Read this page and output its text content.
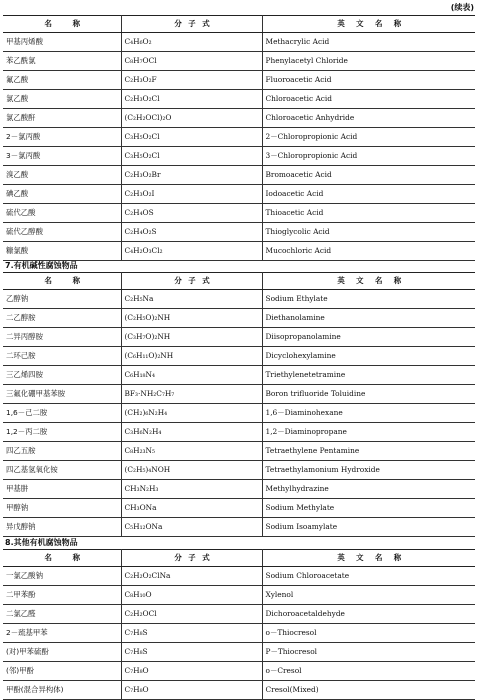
(续表)
名　　称	分 子 式	英　文　名　称
甲基丙烯酸	C₄H₆O₂	Methacrylic Acid
苯乙酰氯	C₈H₇OCl	Phenylacetyl Chloride
氟乙酸	C₂H₃O₂F	Fluoroacetic Acid
氯乙酸	C₂H₃O₂Cl	Chloroacetic Acid
氯乙酸酐	(C₂H₂OCl)₂O	Chloroacetic Anhydride
2－氯丙酸	C₃H₅O₂Cl	2－Chloropropionic Acid
3－氯丙酸	C₃H₅O₂Cl	3－Chloropropionic Acid
溴乙酸	C₂H₃O₂Br	Bromoacetic Acid
碘乙酸	C₂H₃O₂I	Iodoacetic Acid
硫代乙酸	C₂H₄OS	Thioacetic Acid
硫代乙醇酸	C₂H₄O₂S	Thioglycolic Acid
糠氯酸	C₄H₂O₃Cl₂	Mucochloric Acid
7.有机碱性腐蚀物品
名　　称	分 子 式	英　文　名　称
乙醇钠	C₂H₅Na	Sodium Ethylate
二乙醇胺	(C₂H₅O)₂NH	Diethanolamine
二异丙醇胺	(C₃H₇O)₂NH	Diisopropanolamine
二环己胺	(C₆H₁₁O)₂NH	Dicyclohexylamine
三乙烯四胺	C₆H₁₈N₄	Triethylenetetramine
三氟化硼甲基苯胺	BF₃·NH₂C₇H₇	Boron trifluoride Toluidine
1,6－己二胺	(CH₂)₆N₂H₄	1,6－Diaminohexane
1,2－丙二胺	C₃H₆N₂H₄	1,2－Diaminopropane
四乙五胺	C₈H₂₃N₅	Tetraethylene Pentamine
四乙基氢氧化铵	(C₂H₅)₄NOH	Tetraethylamonium Hydroxide
甲基肼	CH₃N₂H₃	Methylhydrazine
甲醇钠	CH₃ONa	Sodium Methylate
异戊醇钠	C₅H₁₂ONa	Sodium Isoamylate
8.其他有机腐蚀物品
名　　称	分 子 式	英　文　名　称
一氯乙酸钠	C₂H₂O₂ClNa	Sodium Chloroacetate
二甲苯酚	C₈H₁₀O	Xylenol
二氯乙醛	C₂H₂OCl	Dichoroacetaldehyde
2－巯基甲苯	C₇H₈S	o－Thiocresol
(对)甲苯硫酚	C₇H₈S	P－Thiocresol
(邻)甲酚	C₇H₈O	o－Cresol
甲酚(混合异构体)	C₇H₈O	Cresol(Mixed)
